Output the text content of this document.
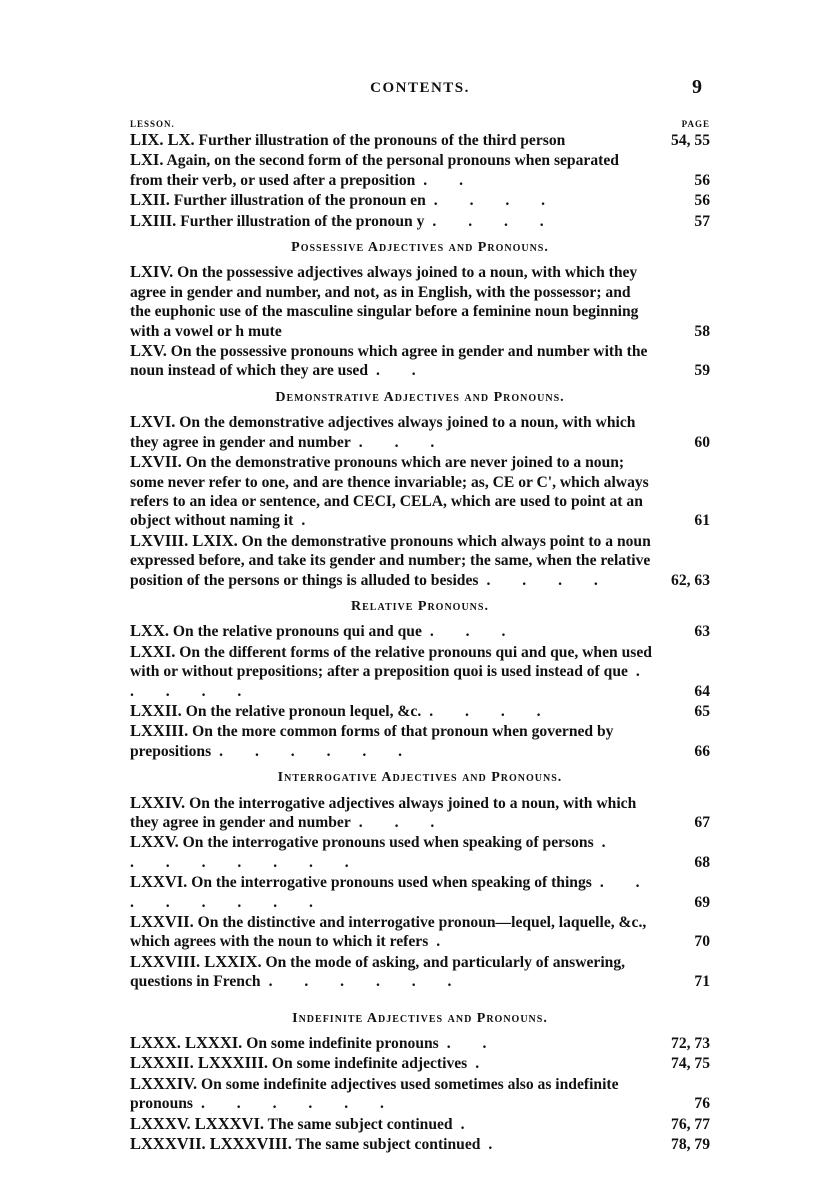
CONTENTS.	9
LESSON.	PAGE
LIX. LX. Further illustration of the pronouns of the third person	54, 55
LXI. Again, on the second form of the personal pronouns when separated from their verb, or used after a preposition . .	56
LXII. Further illustration of the pronoun en . . . .	56
LXIII. Further illustration of the pronoun y . . . .	57
Possessive Adjectives and Pronouns.
LXIV. On the possessive adjectives always joined to a noun, with which they agree in gender and number, and not, as in English, with the possessor; and the euphonic use of the masculine singular before a feminine noun beginning with a vowel or h mute	58
LXV. On the possessive pronouns which agree in gender and number with the noun instead of which they are used . .	59
Demonstrative Adjectives and Pronouns.
LXVI. On the demonstrative adjectives always joined to a noun, with which they agree in gender and number . . .	60
LXVII. On the demonstrative pronouns which are never joined to a noun; some never refer to one, and are thence invariable; as, CE or C', which always refers to an idea or sentence, and CECI, CELA, which are used to point at an object without naming it .	61
LXVIII. LXIX. On the demonstrative pronouns which always point to a noun expressed before, and take its gender and number; the same, when the relative position of the persons or things is alluded to besides . . . .	62, 63
Relative Pronouns.
LXX. On the relative pronouns qui and que . . .	63
LXXI. On the different forms of the relative pronouns qui and que, when used with or without prepositions; after a preposition quoi is used instead of que . . . . .	64
LXXII. On the relative pronoun lequel, &c. . . . .	65
LXXIII. On the more common forms of that pronoun when governed by prepositions . . . . . .	66
Interrogative Adjectives and Pronouns.
LXXIV. On the interrogative adjectives always joined to a noun, with which they agree in gender and number . . .	67
LXXV. On the interrogative pronouns used when speaking of persons . . . . . . . .	68
LXXVI. On the interrogative pronouns used when speaking of things . . . . . . . .	69
LXXVII. On the distinctive and interrogative pronoun—lequel, laquelle, &c., which agrees with the noun to which it refers .	70
LXXVIII. LXXIX. On the mode of asking, and particularly of answering, questions in French . . . . . .	71
Indefinite Adjectives and Pronouns.
LXXX. LXXXI. On some indefinite pronouns . .	72, 73
LXXXII. LXXXIII. On some indefinite adjectives .	74, 75
LXXXIV. On some indefinite adjectives used sometimes also as indefinite pronouns . . . . . .	76
LXXXV. LXXXVI. The same subject continued .	76, 77
LXXXVII. LXXXVIII. The same subject continued .	78, 79
